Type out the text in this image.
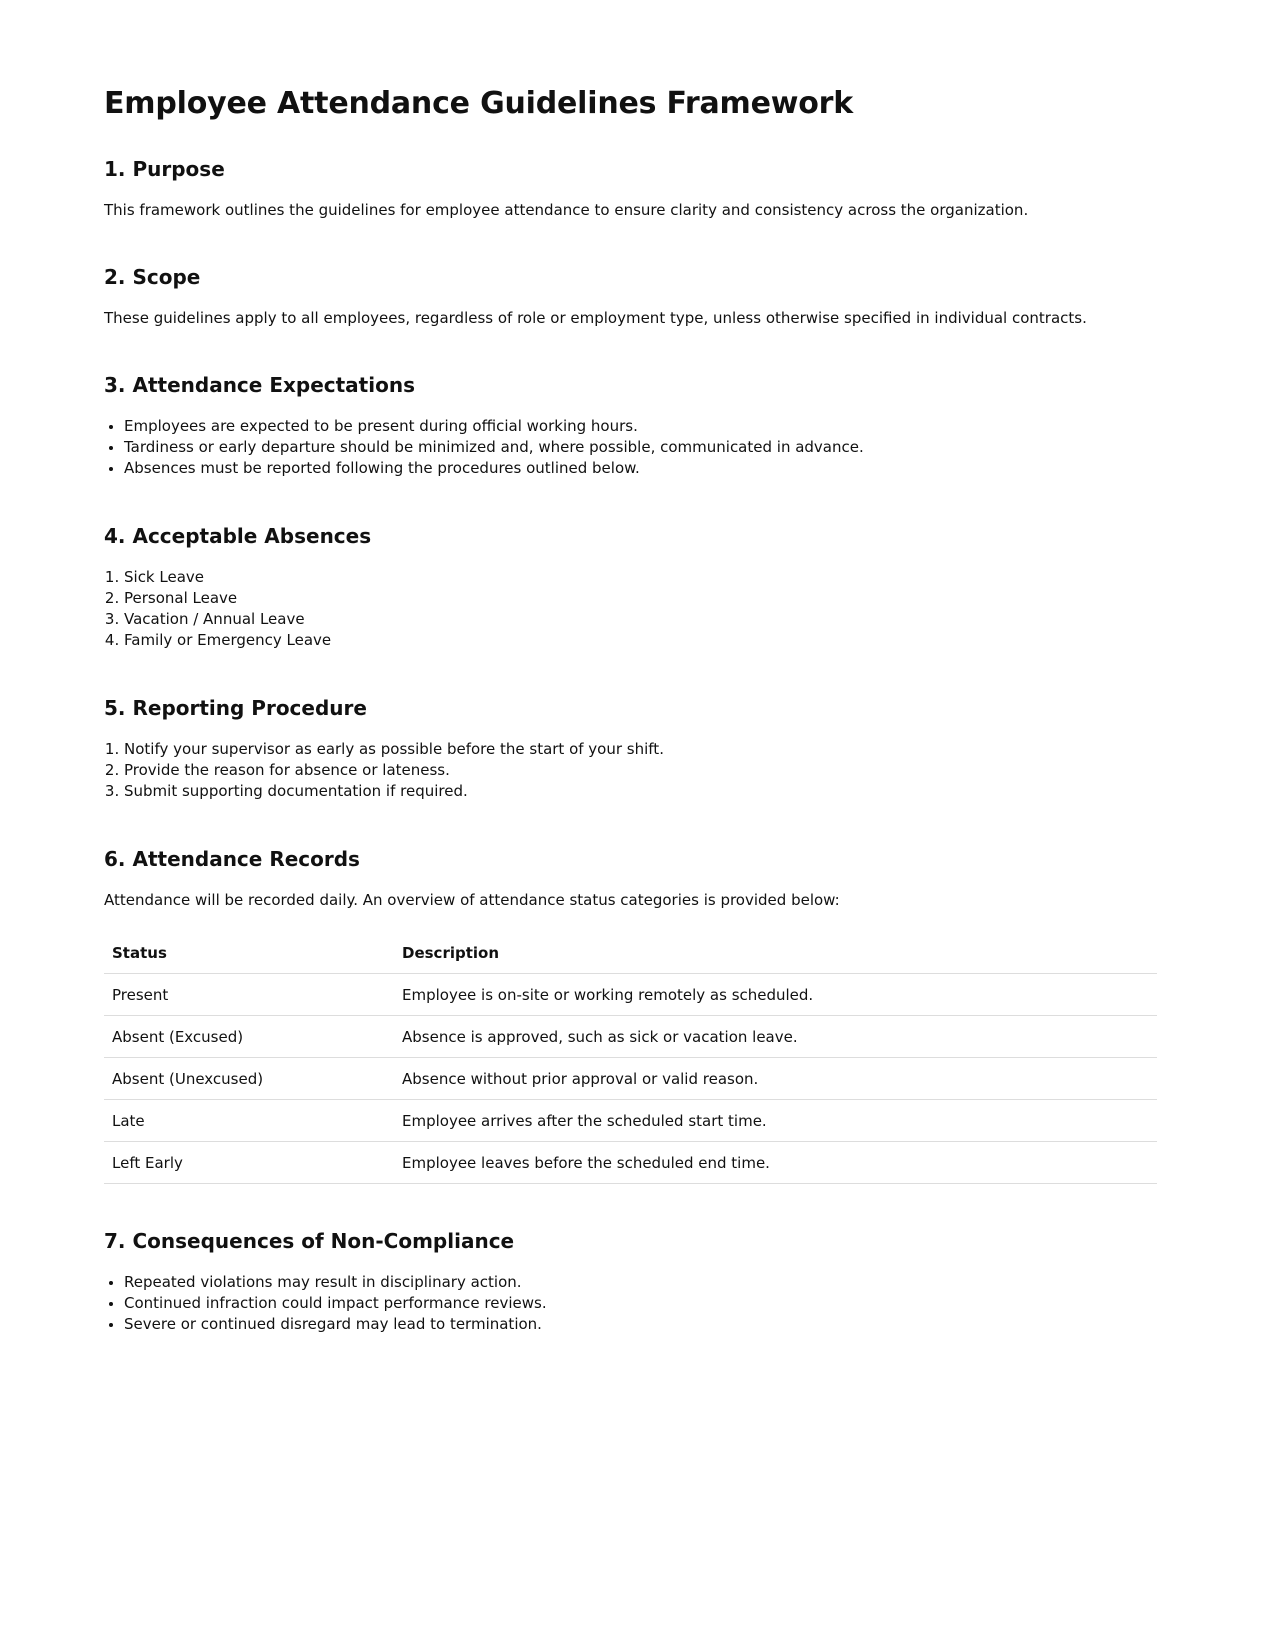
Employee Attendance Guidelines Framework
1. Purpose

This framework outlines the guidelines for employee attendance to ensure clarity and consistency across the organization.

2. Scope

These guidelines apply to all employees, regardless of role or employment type, unless otherwise specified in individual contracts.

3. Attendance Expectations
• Employees are expected to be present during official working hours.
• Tardiness or early departure should be minimized and, where possible, communicated in advance.
• Absences must be reported following the procedures outlined below.
4. Acceptable Absences
1. Sick Leave
2. Personal Leave
3. Vacation / Annual Leave
4. Family or Emergency Leave
5. Reporting Procedure
1. Notify your supervisor as early as possible before the start of your shift.
2. Provide the reason for absence or lateness.
3. Submit supporting documentation if required.
6. Attendance Records

Attendance will be recorded daily. An overview of attendance status categories is provided below:

Status	Description
Present	Employee is on-site or working remotely as scheduled.
Absent (Excused)	Absence is approved, such as sick or vacation leave.
Absent (Unexcused)	Absence without prior approval or valid reason.
Late	Employee arrives after the scheduled start time.
Left Early	Employee leaves before the scheduled end time.
7. Consequences of Non-Compliance
• Repeated violations may result in disciplinary action.
• Continued infraction could impact performance reviews.
• Severe or continued disregard may lead to termination.
